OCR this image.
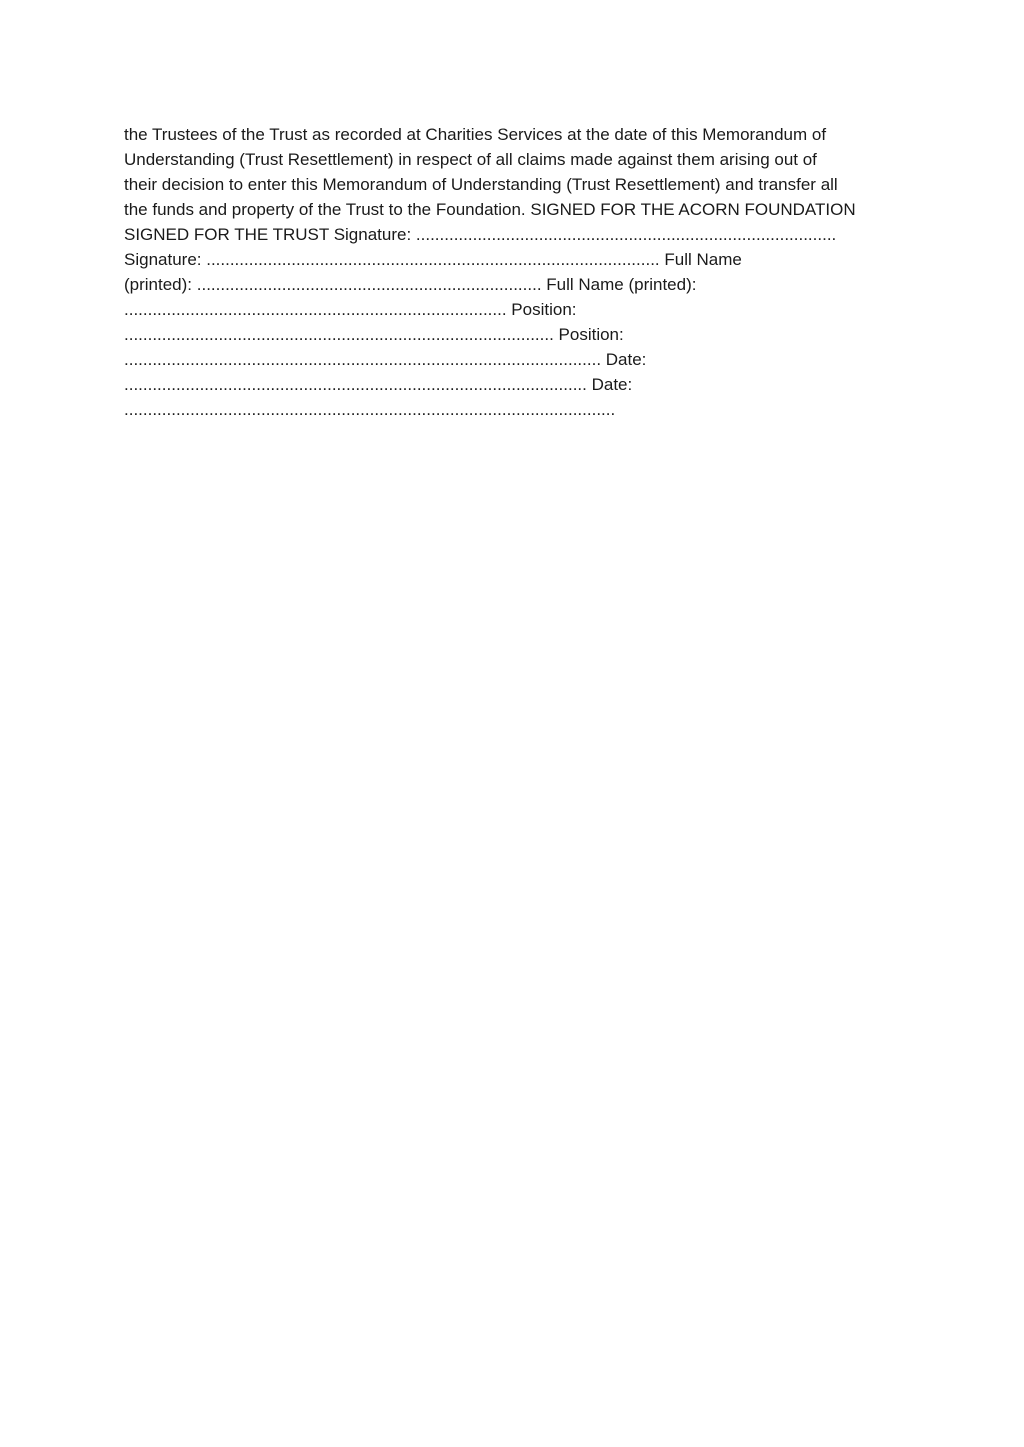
the Trustees of the Trust as recorded at Charities Services at the date of this Memorandum of
Understanding (Trust Resettlement) in respect of all claims made against them arising out of
their decision to enter this Memorandum of Understanding (Trust Resettlement) and transfer all
the funds and property of the Trust to the Foundation. SIGNED FOR THE ACORN FOUNDATION
SIGNED FOR THE TRUST Signature: .........................................................................................
Signature: ................................................................................................ Full Name
(printed): ......................................................................... Full Name (printed):
................................................................................. Position:
........................................................................................... Position:
..................................................................................................... Date:
.................................................................................................. Date:
........................................................................................................
